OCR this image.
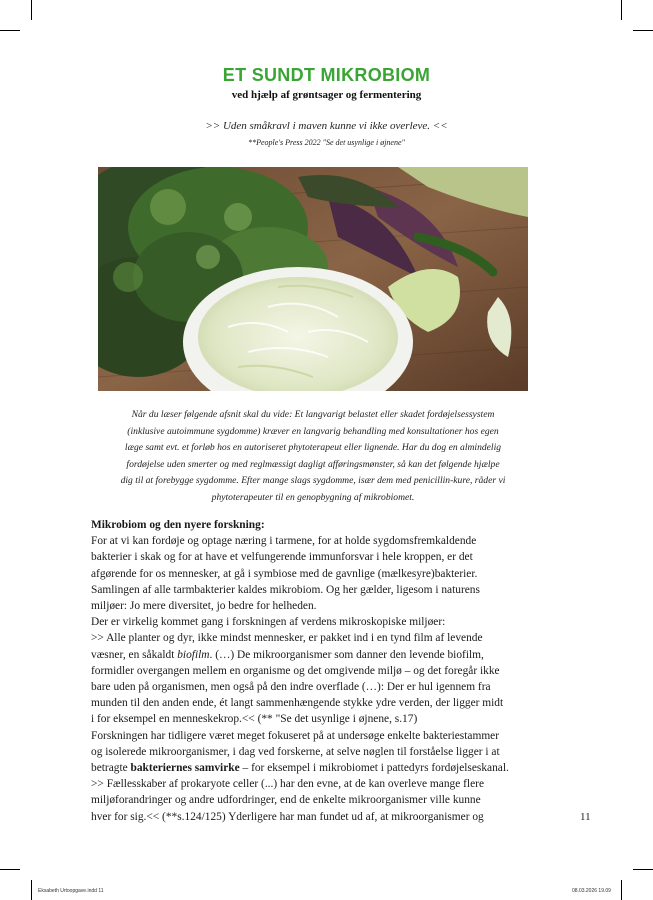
ET SUNDT MIKROBIOM
ved hjælp af grøntsager og fermentering
>> Uden småkravl i maven kunne vi ikke overleve. <<
**People's Press 2022 "Se det usynlige i øjnene"
Når du læser følgende afsnit skal du vide: Et langvarigt belastet eller skadet fordøjelsessystem
(inklusive autoimmune sygdomme) kræver en langvarig behandling med konsultationer hos egen
læge samt evt. et forløb hos en autoriseret phytoterapeut eller lignende. Har du dog en almindelig
fordøjelse uden smerter og med reglmæssigt dagligt afføringsmønster, så kan det følgende hjælpe
dig til at forebygge sygdomme. Efter mange slags sygdomme, især dem med penicillin-kure, råder vi
phytoterapeuter til en genopbygning af mikrobiomet.

Mikrobiom og den nyere forskning:

For at vi kan fordøje og optage næring i tarmene, for at holde sygdomsfremkaldende

bakterier i skak og for at have et velfungerende immunforsvar i hele kroppen, er det

afgørende for os mennesker, at gå i symbiose med de gavnlige (mælkesyre)bakterier.

Samlingen af alle tarmbakterier kaldes mikrobiom. Og her gælder, ligesom i naturens

miljøer: Jo mere diversitet, jo bedre for helheden.

Der er virkelig kommet gang i forskningen af verdens mikroskopiske miljøer:

>> Alle planter og dyr, ikke mindst mennesker, er pakket ind i en tynd film af levende

væsner, en såkaldt biofilm. (…) De mikroorganismer som danner den levende biofilm,

formidler overgangen mellem en organisme og det omgivende miljø – og det foregår ikke

bare uden på organismen, men også på den indre overflade (…): Der er hul igennem fra

munden til den anden ende, ét langt sammenhængende stykke ydre verden, der ligger midt

i for eksempel en menneskekrop.<< (** "Se det usynlige i øjnene, s.17)

Forskningen har tidligere været meget fokuseret på at undersøge enkelte bakteriestammer

og isolerede mikroorganismer, i dag ved forskerne, at selve nøglen til forståelse ligger i at

betragte bakteriernes samvirke – for eksempel i mikrobiomet i pattedyrs fordøjelseskanal.

>> Fællesskaber af prokaryote celler (...) har den evne, at de kan overleve mange flere

miljøforandringer og andre udfordringer, end de enkelte mikroorganismer ville kunne

hver for sig.<< (**s.124/125) Yderligere har man fundet ud af, at mikroorganismer og	11
Eksabeth Urtoopgave.indd 11	08.03.2026 19.09
